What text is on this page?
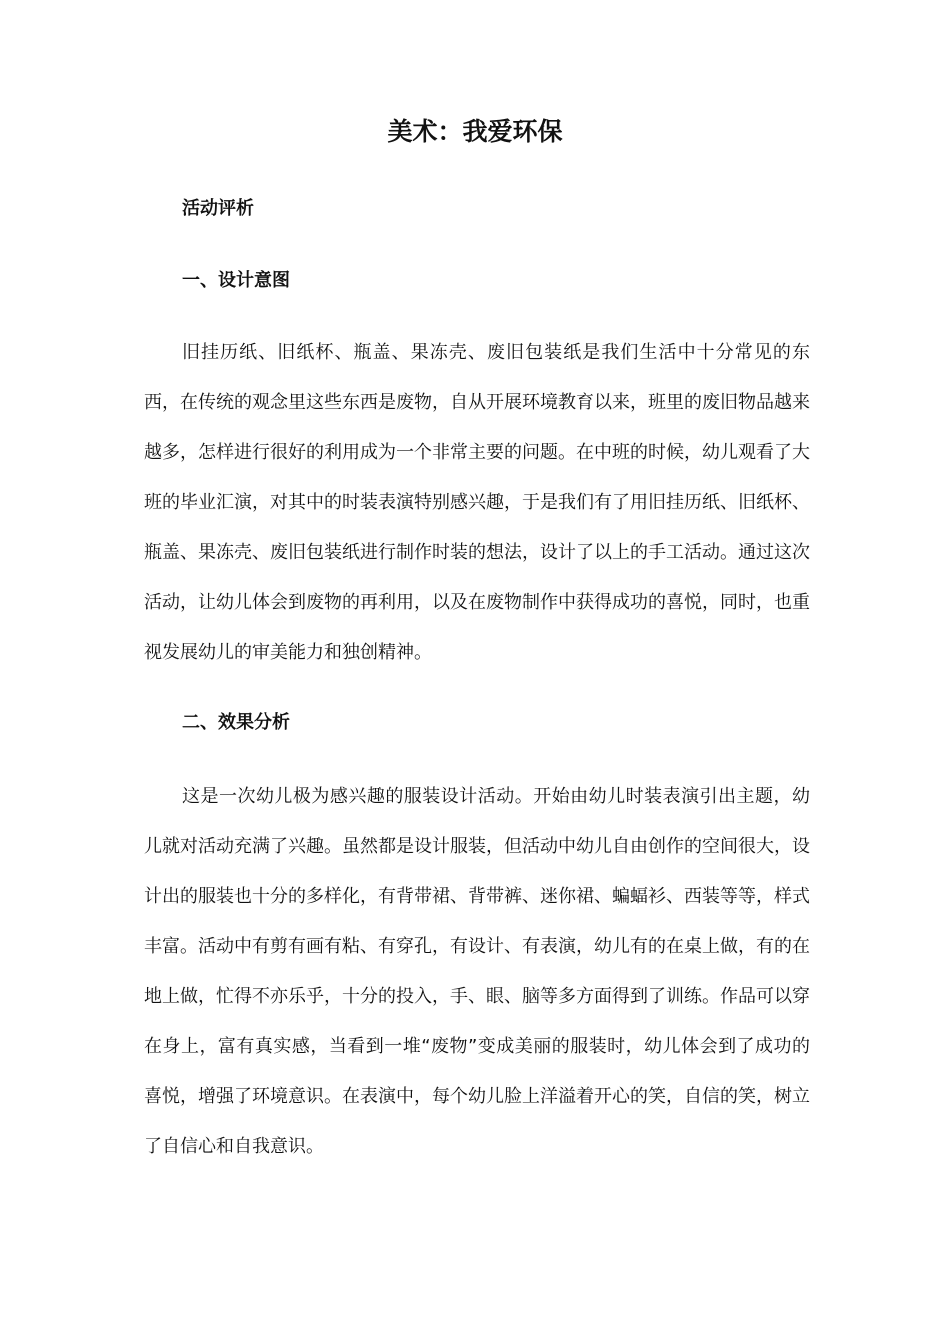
美术：我爱环保
活动评析
一、设计意图

旧挂历纸、旧纸杯、瓶盖、果冻壳、废旧包装纸是我们生活中十分常见的东西，在传统的观念里这些东西是废物，自从开展环境教育以来，班里的废旧物品越来越多，怎样进行很好的利用成为一个非常主要的问题。在中班的时候，幼儿观看了大班的毕业汇演，对其中的时装表演特别感兴趣，于是我们有了用旧挂历纸、旧纸杯、瓶盖、果冻壳、废旧包装纸进行制作时装的想法，设计了以上的手工活动。通过这次活动，让幼儿体会到废物的再利用，以及在废物制作中获得成功的喜悦，同时，也重视发展幼儿的审美能力和独创精神。

二、效果分析

这是一次幼儿极为感兴趣的服装设计活动。开始由幼儿时装表演引出主题，幼儿就对活动充满了兴趣。虽然都是设计服装，但活动中幼儿自由创作的空间很大，设计出的服装也十分的多样化，有背带裙、背带裤、迷你裙、蝙蝠衫、西装等等，样式丰富。活动中有剪有画有粘、有穿孔，有设计、有表演，幼儿有的在桌上做，有的在地上做，忙得不亦乐乎，十分的投入，手、眼、脑等多方面得到了训练。作品可以穿在身上，富有真实感，当看到一堆“废物”变成美丽的服装时，幼儿体会到了成功的喜悦，增强了环境意识。在表演中，每个幼儿脸上洋溢着开心的笑，自信的笑，树立了自信心和自我意识。
